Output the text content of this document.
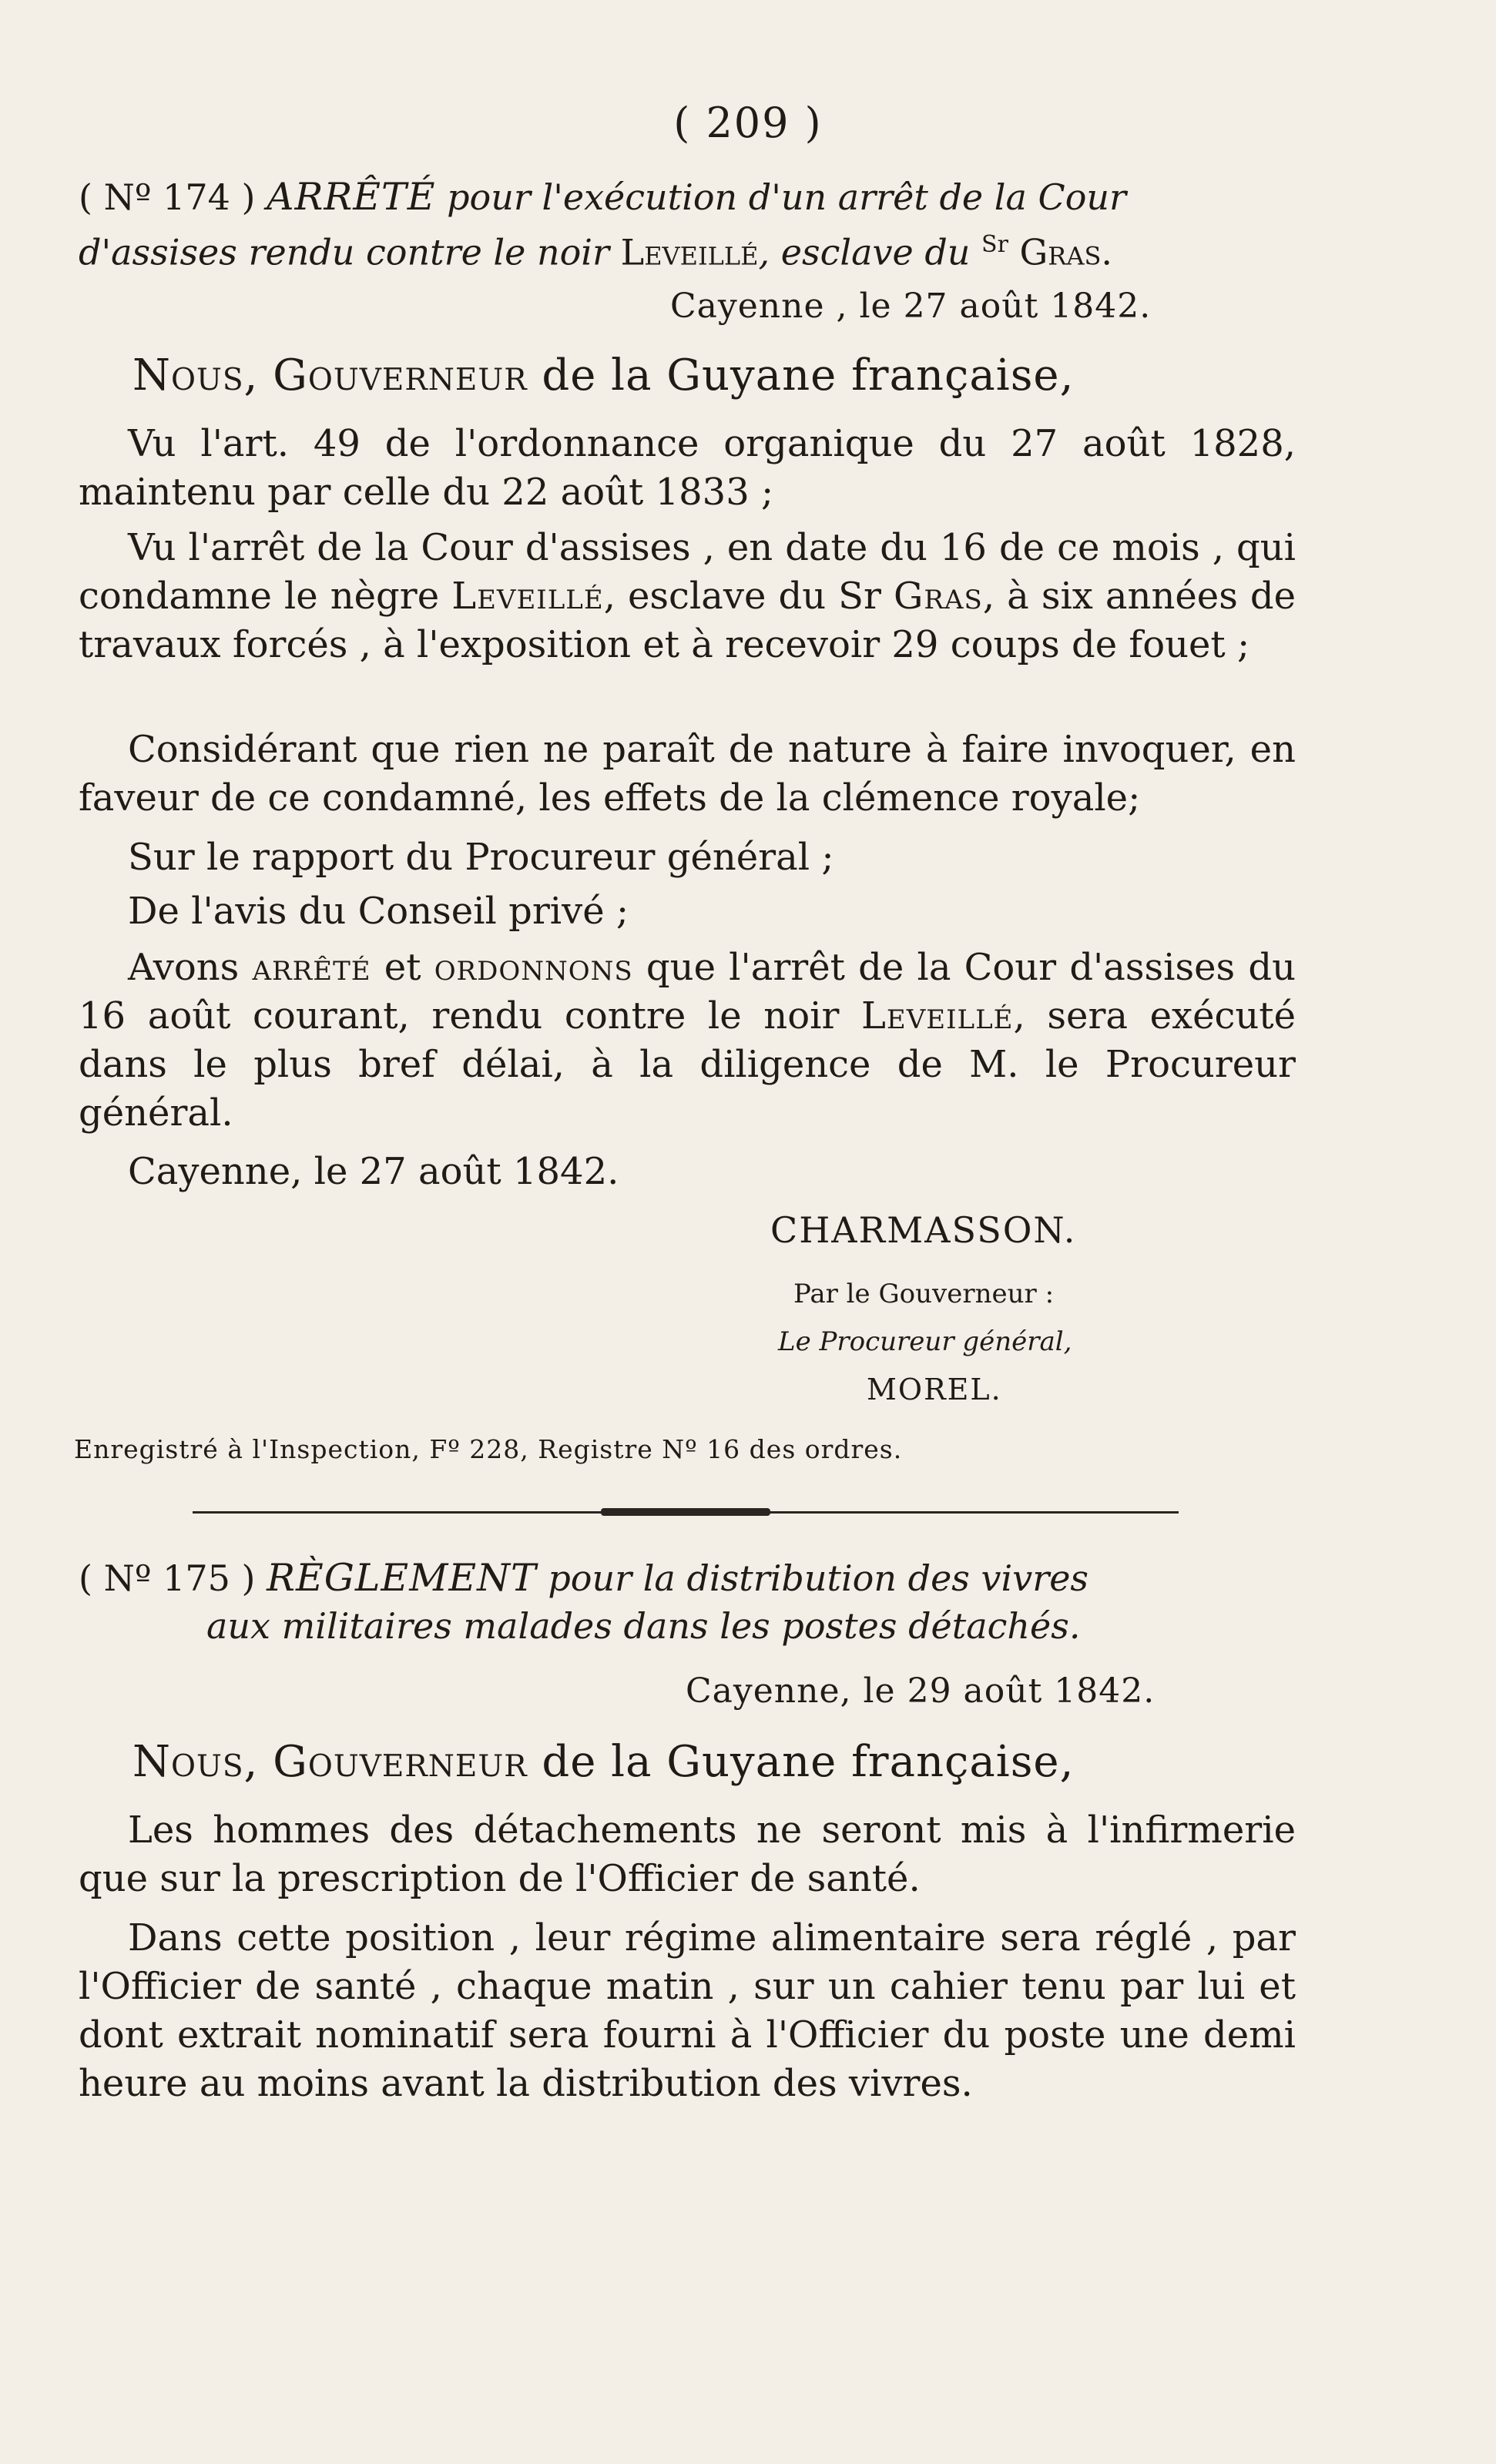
( 209 )
( Nº 174 ) ARRÊTÉ pour l'exécution d'un arrêt de la Cour
d'assises rendu contre le noir Leveillé, esclave du $^{Sr}$ Gras.
Cayenne , le 27 août 1842.
Nous, Gouverneur de la Guyane française,
Vu l'art. 49 de l'ordonnance organique du 27 août 1828, maintenu par celle du 22 août 1833 ;
Vu l'arrêt de la Cour d'assises , en date du 16 de ce mois , qui condamne le nègre Leveillé, esclave du Sr Gras, à six années de travaux forcés , à l'exposition et à recevoir 29 coups de fouet ;
Considérant que rien ne paraît de nature à faire invoquer, en faveur de ce condamné, les effets de la clémence royale;
Sur le rapport du Procureur général ;
De l'avis du Conseil privé ;
Avons arrêté et ordonnons que l'arrêt de la Cour d'assises du 16 août courant, rendu contre le noir Leveillé, sera exécuté dans le plus bref délai, à la diligence de M. le Procureur général.
Cayenne, le 27 août 1842.
CHARMASSON.
Par le Gouverneur :
Le Procureur général,
MOREL.
Enregistré à l'Inspection, Fº 228, Registre Nº 16 des ordres.
( Nº 175 ) RÈGLEMENT pour la distribution des vivres
aux militaires malades dans les postes détachés.
Cayenne, le 29 août 1842.
Nous, Gouverneur de la Guyane française,
Les hommes des détachements ne seront mis à l'infirmerie que sur la prescription de l'Officier de santé.
Dans cette position , leur régime alimentaire sera réglé , par l'Officier de santé , chaque matin , sur un cahier tenu par lui et dont extrait nominatif sera fourni à l'Officier du poste une demi heure au moins avant la distribution des vivres.
